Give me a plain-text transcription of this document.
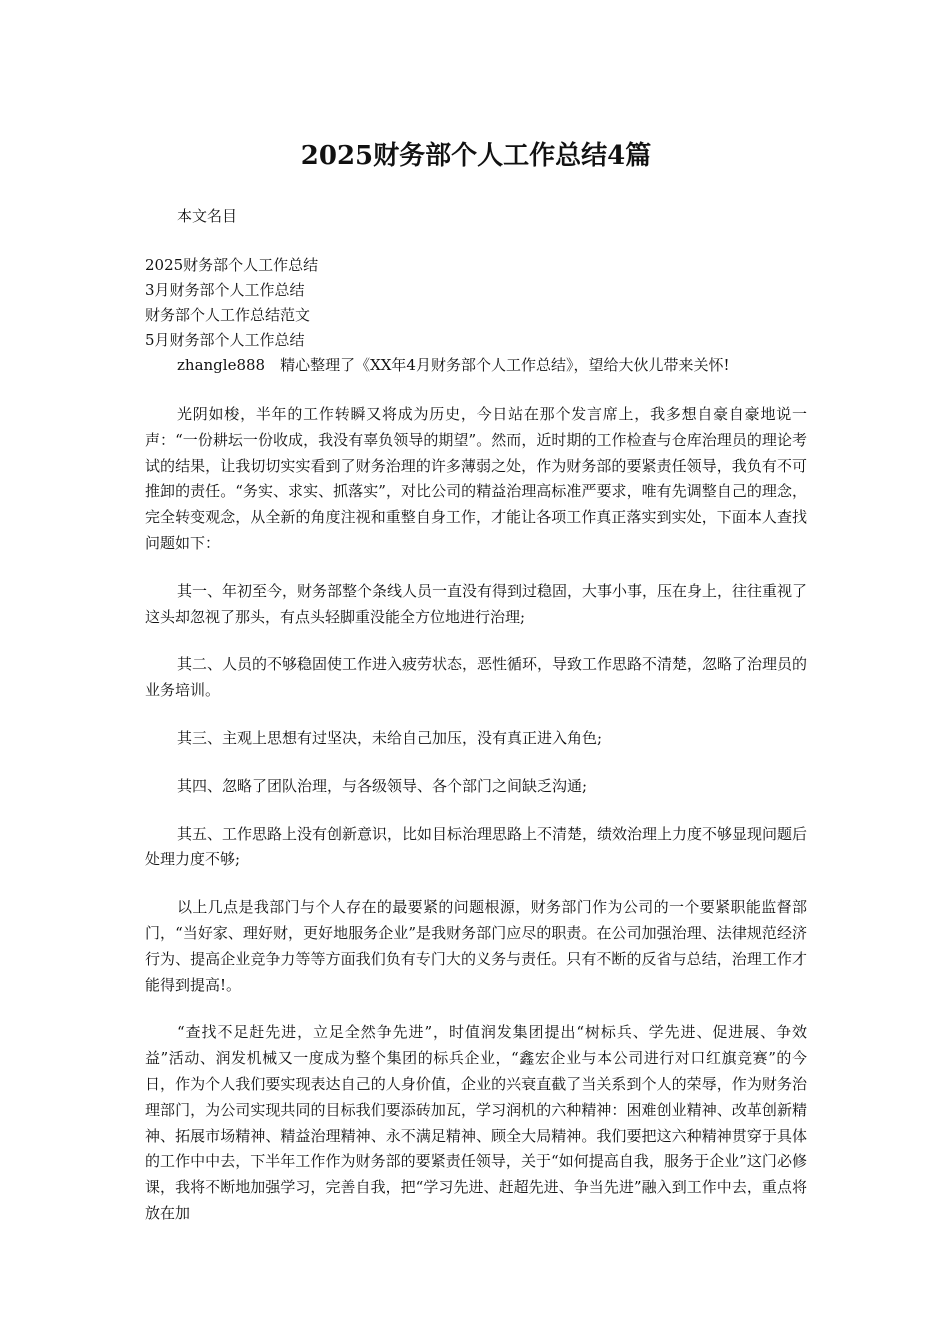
2025财务部个人工作总结4篇

本文名目

2025财务部个人工作总结
3月财务部个人工作总结
财务部个人工作总结范文
5月财务部个人工作总结

zhangle888　精心整理了《XX年4月财务部个人工作总结》，望给大伙儿带来关怀!

光阴如梭，半年的工作转瞬又将成为历史，今日站在那个发言席上，我多想自豪自豪地说一声：“一份耕坛一份收成，我没有辜负领导的期望”。然而，近时期的工作检查与仓库治理员的理论考试的结果，让我切切实实看到了财务治理的许多薄弱之处，作为财务部的要紧责任领导，我负有不可推卸的责任。“务实、求实、抓落实”，对比公司的精益治理高标准严要求，唯有先调整自己的理念，完全转变观念，从全新的角度注视和重整自身工作，才能让各项工作真正落实到实处，下面本人查找问题如下：

其一、年初至今，财务部整个条线人员一直没有得到过稳固，大事小事，压在身上，往往重视了这头却忽视了那头，有点头轻脚重没能全方位地进行治理;

其二、人员的不够稳固使工作进入疲劳状态，恶性循环，导致工作思路不清楚，忽略了治理员的业务培训。

其三、主观上思想有过坚决，未给自己加压，没有真正进入角色;

其四、忽略了团队治理，与各级领导、各个部门之间缺乏沟通;

其五、工作思路上没有创新意识，比如目标治理思路上不清楚，绩效治理上力度不够显现问题后处理力度不够;

以上几点是我部门与个人存在的最要紧的问题根源，财务部门作为公司的一个要紧职能监督部门，“当好家、理好财，更好地服务企业”是我财务部门应尽的职责。在公司加强治理、法律规范经济行为、提高企业竞争力等等方面我们负有专门大的义务与责任。只有不断的反省与总结，治理工作才能得到提高!。

“查找不足赶先进，立足全然争先进”，时值润发集团提出“树标兵、学先进、促进展、争效益”活动、润发机械又一度成为整个集团的标兵企业，“鑫宏企业与本公司进行对口红旗竞赛”的今日，作为个人我们要实现表达自己的人身价值，企业的兴衰直截了当关系到个人的荣辱，作为财务治理部门，为公司实现共同的目标我们要添砖加瓦，学习润机的六种精神：困难创业精神、改革创新精神、拓展市场精神、精益治理精神、永不满足精神、顾全大局精神。我们要把这六种精神贯穿于具体的工作中中去，下半年工作作为财务部的要紧责任领导，关于“如何提高自我，服务于企业”这门必修课，我将不断地加强学习，完善自我，把“学习先进、赶超先进、争当先进”融入到工作中去，重点将放在加
